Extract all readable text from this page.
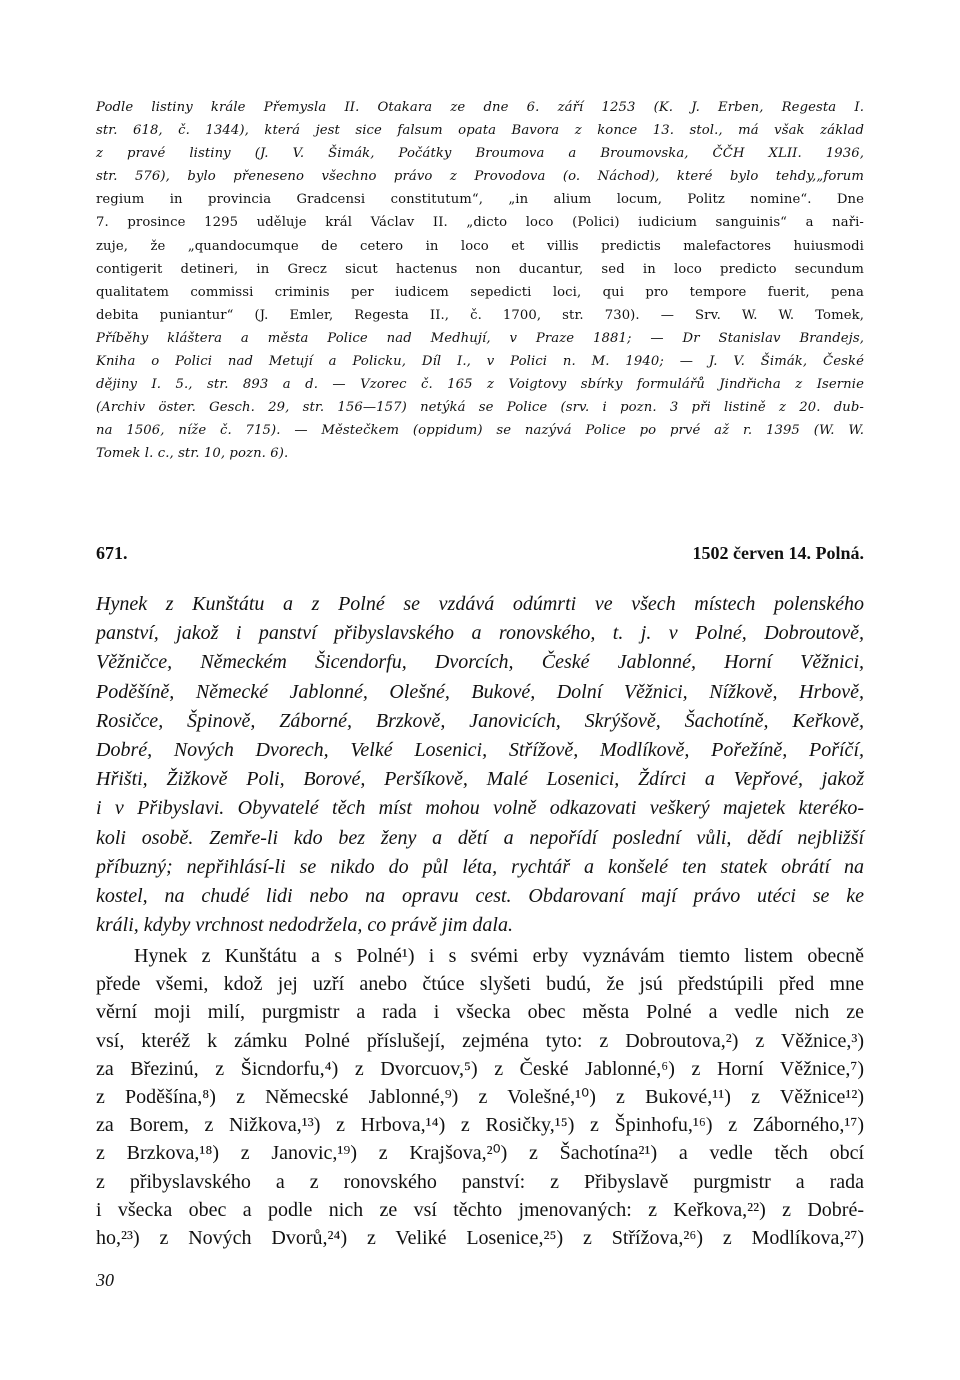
Podle listiny krále Přemysla II. Otakara ze dne 6. září 1253 (K. J. Erben, Regesta I.
str. 618, č. 1344), která jest sice falsum opata Bavora z konce 13. stol., má však základ
z pravé listiny (J. V. Šimák, Počátky Broumova a Broumovska, ČČH XLII. 1936,
str. 576), bylo přeneseno všechno právo z Provodova (o. Náchod), které bylo tehdy,„forum
regium in provincia Gradcensi constitutum“, „in alium locum, Politz nomine“. Dne
7. prosince 1295 uděluje král Václav II. „dicto loco (Polici) iudicium sanguinis“ a naři-
zuje, že „quandocumque de cetero in loco et villis predictis malefactores huiusmodi
contigerit detineri, in Grecz sicut hactenus non ducantur, sed in loco predicto secundum
qualitatem commissi criminis per iudicem sepedicti loci, qui pro tempore fuerit, pena
debita puniantur“ (J. Emler, Regesta II., č. 1700, str. 730). — Srv. W. W. Tomek,
Příběhy kláštera a města Police nad Medhují, v Praze 1881; — Dr Stanislav Brandejs,
Kniha o Polici nad Metují a Policku, Díl I., v Polici n. M. 1940; — J. V. Šimák, České
dějiny I. 5., str. 893 a d. — Vzorec č. 165 z Voigtovy sbírky formulářů Jindřicha z Isernie
(Archiv öster. Gesch. 29, str. 156—157) netýká se Police (srv. i pozn. 3 při listině z 20. dub-
na 1506, níže č. 715). — Městečkem (oppidum) se nazývá Police po prvé až r. 1395 (W. W.
Tomek l. c., str. 10, pozn. 6).
671.	1502 červen 14. Polná.
Hynek z Kunštátu a z Polné se vzdává odúmrti ve všech místech polenského
panství, jakož i panství přibyslavského a ronovského, t. j. v Polné, Dobroutově,
Věžničce, Německém Šicendorfu, Dvorcích, České Jablonné, Horní Věžnici,
Poděšíně, Německé Jablonné, Olešné, Bukové, Dolní Věžnici, Nížkově, Hrbově,
Rosičce, Špinově, Záborné, Brzkově, Janovicích, Skrýšově, Šachotíně, Keřkově,
Dobré, Nových Dvorech, Velké Losenici, Střížově, Modlíkově, Pořežíně, Poříčí,
Hřišti, Žižkově Poli, Borové, Peršíkově, Malé Losenici, Ždírci a Vepřové, jakož
i v Přibyslavi. Obyvatelé těch míst mohou volně odkazovati veškerý majetek kteréko-
koli osobě. Zemře-li kdo bez ženy a dětí a nepořídí poslední vůli, dědí nejbližší
příbuzný; nepřihlásí-li se nikdo do půl léta, rychtář a konšelé ten statek obrátí na
kostel, na chudé lidi nebo na opravu cest. Obdarovaní mají právo utéci se ke
králi, kdyby vrchnost nedodržela, co právě jim dala.
Hynek z Kunštátu a s Polné¹) i s svémi erby vyznávám tiemto listem obecně
přede všemi, kdož jej uzří anebo čtúce slyšeti budú, že jsú předstúpili před mne
věrní moji milí, purgmistr a rada i všecka obec města Polné a vedle nich ze
vsí, kteréž k zámku Polné příslušejí, zejména tyto: z Dobroutova,²) z Věžnice,³)
za Březinú, z Šicndorfu,⁴) z Dvorcuov,⁵) z České Jablonné,⁶) z Horní Věžnice,⁷)
z Poděšína,⁸) z Němecské Jablonné,⁹) z Volešné,¹⁰) z Bukové,¹¹) z Věžnice¹²)
za Borem, z Nižkova,¹³) z Hrbova,¹⁴) z Rosičky,¹⁵) z Špinhofu,¹⁶) z Záborného,¹⁷)
z Brzkova,¹⁸) z Janovic,¹⁹) z Krajšova,²⁰) z Šachotína²¹) a vedle těch obcí
z přibyslavského a z ronovského panství: z Přibyslavě purgmistr a rada
i všecka obec a podle nich ze vsí těchto jmenovaných: z Keřkova,²²) z Dobré-
ho,²³) z Nových Dvorů,²⁴) z Veliké Losenice,²⁵) z Střížova,²⁶) z Modlíkova,²⁷)
30
